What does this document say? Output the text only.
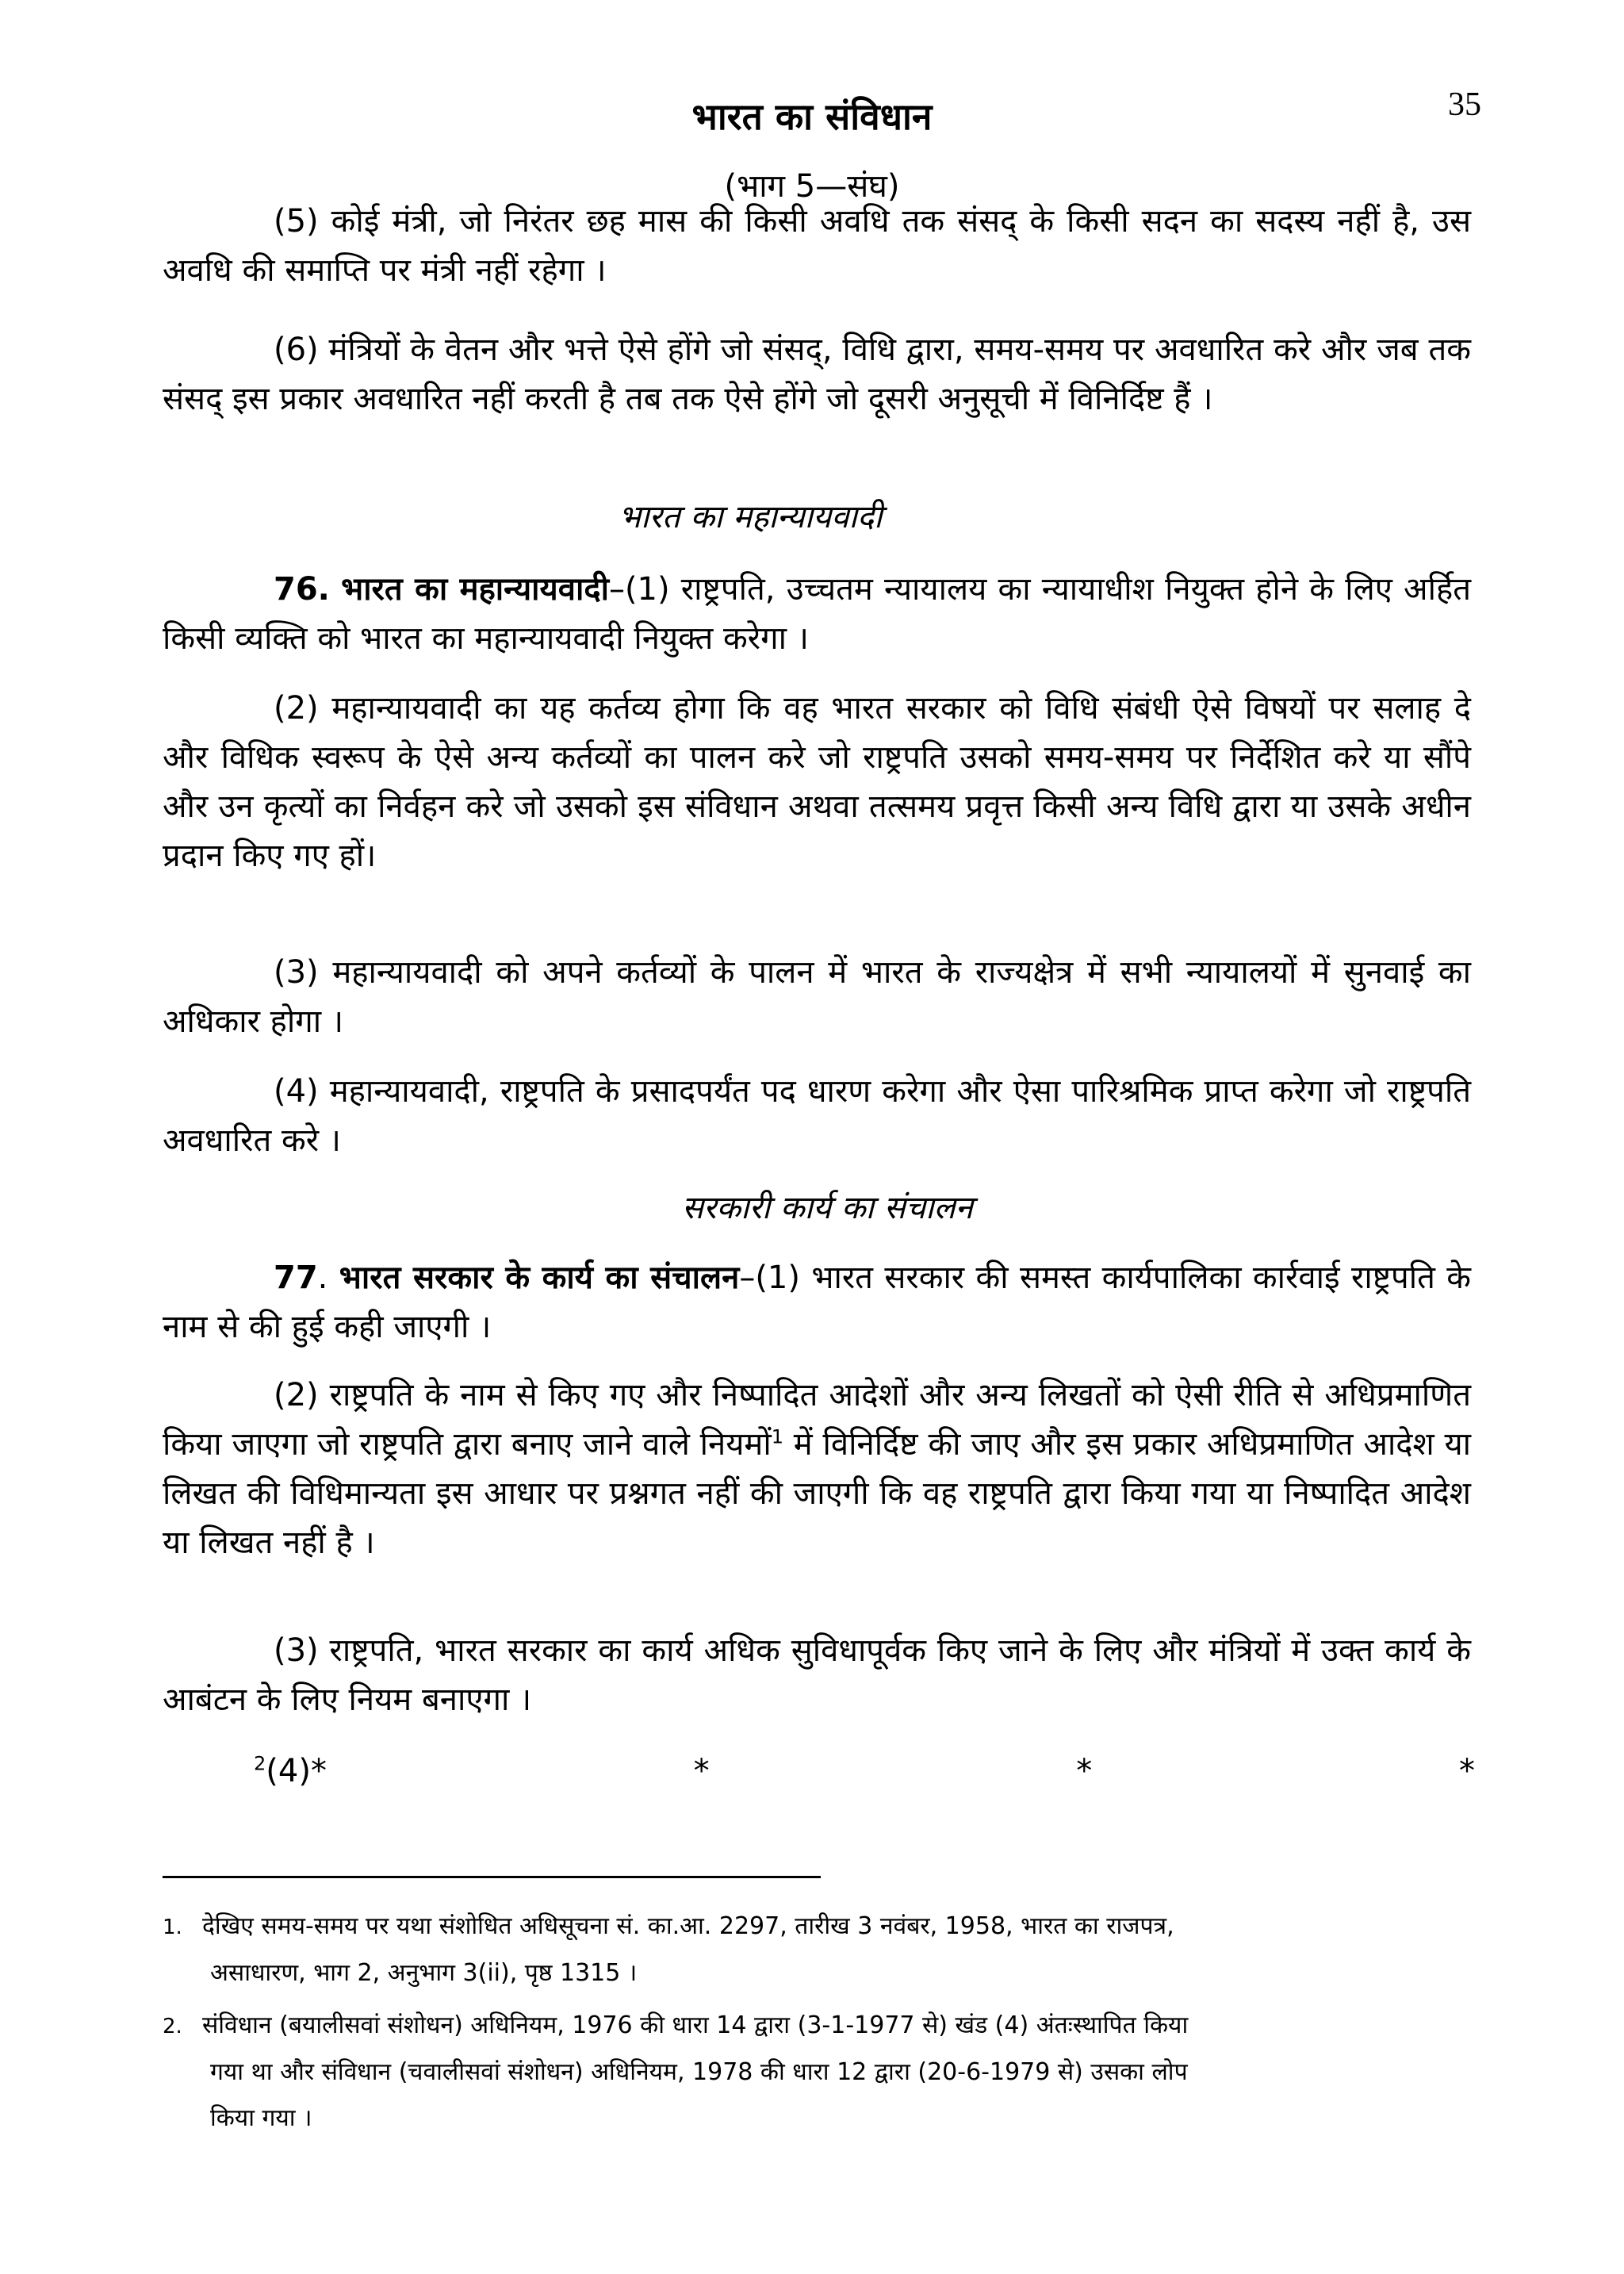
35
भारत का संविधान
(भाग 5—संघ)

(5) कोई मंत्री, जो निरंतर छह मास की किसी अवधि तक संसद् के किसी सदन का सदस्य नहीं है, उस अवधि की समाप्ति पर मंत्री नहीं रहेगा ।

(6) मंत्रियों के वेतन और भत्ते ऐसे होंगे जो संसद्, विधि द्वारा, समय-समय पर अवधारित करे और जब तक संसद् इस प्रकार अवधारित नहीं करती है तब तक ऐसे होंगे जो दूसरी अनुसूची में विनिर्दिष्ट हैं ।

भारत का महान्यायवादी

76. भारत का महान्यायवादी–(1) राष्ट्रपति, उच्चतम न्यायालय का न्यायाधीश नियुक्त होने के लिए अर्हित किसी व्यक्ति को भारत का महान्यायवादी नियुक्त करेगा ।

(2) महान्यायवादी का यह कर्तव्य होगा कि वह भारत सरकार को विधि संबंधी ऐसे विषयों पर सलाह दे और विधिक स्वरूप के ऐसे अन्य कर्तव्यों का पालन करे जो राष्ट्रपति उसको समय-समय पर निर्देशित करे या सौंपे और उन कृत्यों का निर्वहन करे जो उसको इस संविधान अथवा तत्समय प्रवृत्त किसी अन्य विधि द्वारा या उसके अधीन प्रदान किए गए हों।

(3) महान्यायवादी को अपने कर्तव्यों के पालन में भारत के राज्यक्षेत्र में सभी न्यायालयों में सुनवाई का अधिकार होगा ।

(4) महान्यायवादी, राष्ट्रपति के प्रसादपर्यंत पद धारण करेगा और ऐसा पारिश्रमिक प्राप्त करेगा जो राष्ट्रपति अवधारित करे ।

सरकारी कार्य का संचालन

77. भारत सरकार के कार्य का संचालन–(1) भारत सरकार की समस्त कार्यपालिका कार्रवाई राष्ट्रपति के नाम से की हुई कही जाएगी ।

(2) राष्ट्रपति के नाम से किए गए और निष्पादित आदेशों और अन्य लिखतों को ऐसी रीति से अधिप्रमाणित किया जाएगा जो राष्ट्रपति द्वारा बनाए जाने वाले नियमों$^1$ में विनिर्दिष्ट की जाए और इस प्रकार अधिप्रमाणित आदेश या लिखत की विधिमान्यता इस आधार पर प्रश्नगत नहीं की जाएगी कि वह राष्ट्रपति द्वारा किया गया या निष्पादित आदेश या लिखत नहीं है ।

(3) राष्ट्रपति, भारत सरकार का कार्य अधिक सुविधापूर्वक किए जाने के लिए और मंत्रियों में उक्त कार्य के आबंटन के लिए नियम बनाएगा ।

$^2$(4)*	*	*	*
1. देखिए समय-समय पर यथा संशोधित अधिसूचना सं. का.आ. 2297, तारीख 3 नवंबर, 1958, भारत का राजपत्र,
असाधारण, भाग 2, अनुभाग 3(ii), पृष्ठ 1315 ।
2. संविधान (बयालीसवां संशोधन) अधिनियम, 1976 की धारा 14 द्वारा (3-1-1977 से) खंड (4) अंतःस्थापित किया
गया था और संविधान (चवालीसवां संशोधन) अधिनियम, 1978 की धारा 12 द्वारा (20-6-1979 से) उसका लोप
किया गया ।
